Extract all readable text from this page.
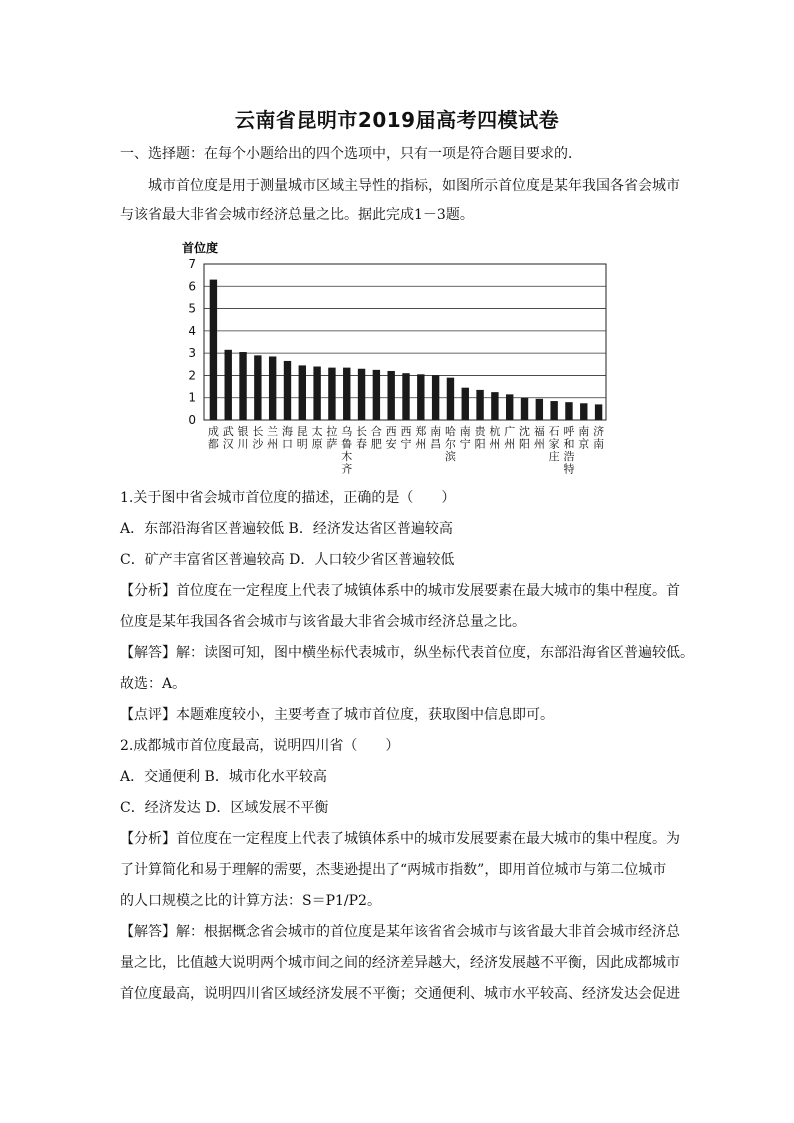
云南省昆明市2019届高考四模试卷
一、选择题：在每个小题给出的四个选项中，只有一项是符合题目要求的．
城市首位度是用于测量城市区域主导性的指标，如图所示首位度是某年我国各省会城市
与该省最大非省会城市经济总量之比。据此完成1－3题。
首位度
0
1
2
3
4
5
6
7
成都
武汉
银川
长沙
兰州
海口
昆明
太原
拉萨
乌鲁木齐
长春
合肥
西安
西宁
郑州
南昌
哈尔滨
南宁
贵阳
杭州
广州
沈阳
福州
石家庄
呼和浩特
南京
济南
1.关于图中省会城市首位度的描述，正确的是（　　）
A．东部沿海省区普遍较低 B．经济发达省区普遍较高
C．矿产丰富省区普遍较高 D．人口较少省区普遍较低
【分析】首位度在一定程度上代表了城镇体系中的城市发展要素在最大城市的集中程度。首
位度是某年我国各省会城市与该省最大非省会城市经济总量之比。
【解答】解：读图可知，图中横坐标代表城市，纵坐标代表首位度，东部沿海省区普遍较低。
故选：A。
【点评】本题难度较小，主要考查了城市首位度，获取图中信息即可。
2.成都城市首位度最高，说明四川省（　　）
A．交通便利 B．城市化水平较高
C．经济发达 D．区域发展不平衡
【分析】首位度在一定程度上代表了城镇体系中的城市发展要素在最大城市的集中程度。为
了计算简化和易于理解的需要，杰斐逊提出了“两城市指数”，即用首位城市与第二位城市
的人口规模之比的计算方法：S＝P1/P2。
【解答】解：根据概念省会城市的首位度是某年该省省会城市与该省最大非首会城市经济总
量之比，比值越大说明两个城市间之间的经济差异越大，经济发展越不平衡，因此成都城市
首位度最高，说明四川省区域经济发展不平衡；交通便利、城市水平较高、经济发达会促进
